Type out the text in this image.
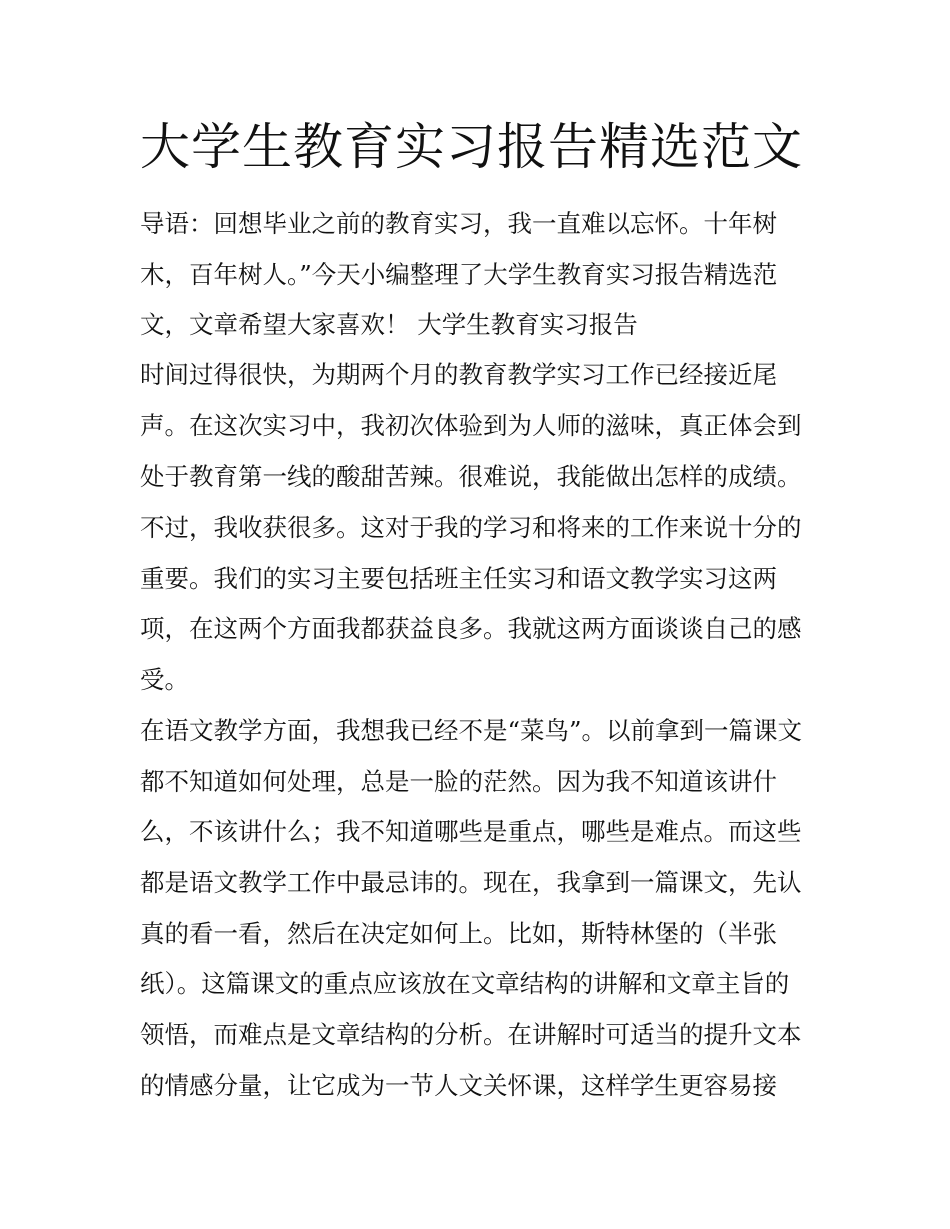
大学生教育实习报告精选范文

导语：回想毕业之前的教育实习，我一直难以忘怀。十年树

木，百年树人。”今天小编整理了大学生教育实习报告精选范

文，文章希望大家喜欢！ 大学生教育实习报告

时间过得很快，为期两个月的教育教学实习工作已经接近尾

声。在这次实习中，我初次体验到为人师的滋味，真正体会到

处于教育第一线的酸甜苦辣。很难说，我能做出怎样的成绩。

不过，我收获很多。这对于我的学习和将来的工作来说十分的

重要。我们的实习主要包括班主任实习和语文教学实习这两

项，在这两个方面我都获益良多。我就这两方面谈谈自己的感

受。

在语文教学方面，我想我已经不是“菜鸟”。以前拿到一篇课文

都不知道如何处理，总是一脸的茫然。因为我不知道该讲什

么，不该讲什么；我不知道哪些是重点，哪些是难点。而这些

都是语文教学工作中最忌讳的。现在，我拿到一篇课文，先认

真的看一看，然后在决定如何上。比如，斯特林堡的（半张

纸）。这篇课文的重点应该放在文章结构的讲解和文章主旨的

领悟，而难点是文章结构的分析。在讲解时可适当的提升文本

的情感分量，让它成为一节人文关怀课，这样学生更容易接
